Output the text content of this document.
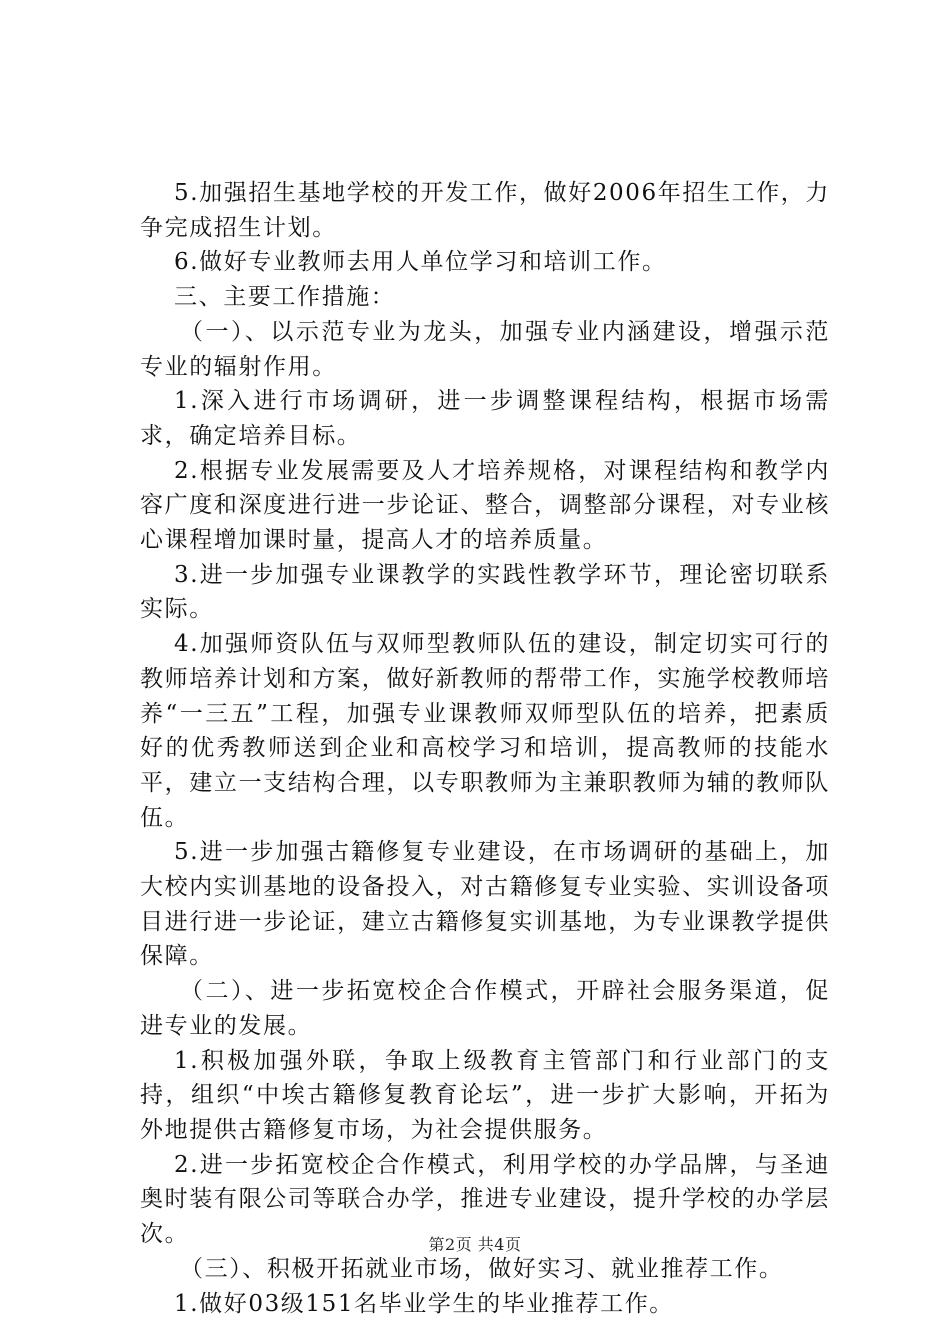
5.加强招生基地学校的开发工作，做好2006年招生工作，力争完成招生计划。

6.做好专业教师去用人单位学习和培训工作。

三、主要工作措施：

（一）、以示范专业为龙头，加强专业内涵建设，增强示范专业的辐射作用。

1.深入进行市场调研，进一步调整课程结构，根据市场需求，确定培养目标。

2.根据专业发展需要及人才培养规格，对课程结构和教学内容广度和深度进行进一步论证、整合，调整部分课程，对专业核心课程增加课时量，提高人才的培养质量。

3.进一步加强专业课教学的实践性教学环节，理论密切联系实际。

4.加强师资队伍与双师型教师队伍的建设，制定切实可行的教师培养计划和方案，做好新教师的帮带工作，实施学校教师培养“一三五”工程，加强专业课教师双师型队伍的培养，把素质好的优秀教师送到企业和高校学习和培训，提高教师的技能水平，建立一支结构合理，以专职教师为主兼职教师为辅的教师队伍。

5.进一步加强古籍修复专业建设，在市场调研的基础上，加大校内实训基地的设备投入，对古籍修复专业实验、实训设备项目进行进一步论证，建立古籍修复实训基地，为专业课教学提供保障。

（二）、进一步拓宽校企合作模式，开辟社会服务渠道，促进专业的发展。

1.积极加强外联，争取上级教育主管部门和行业部门的支持，组织“中埃古籍修复教育论坛”，进一步扩大影响，开拓为外地提供古籍修复市场，为社会提供服务。

2.进一步拓宽校企合作模式，利用学校的办学品牌，与圣迪奥时装有限公司等联合办学，推进专业建设，提升学校的办学层次。

（三）、积极开拓就业市场，做好实习、就业推荐工作。

1.做好03级151名毕业学生的毕业推荐工作。

第2页 共4页
